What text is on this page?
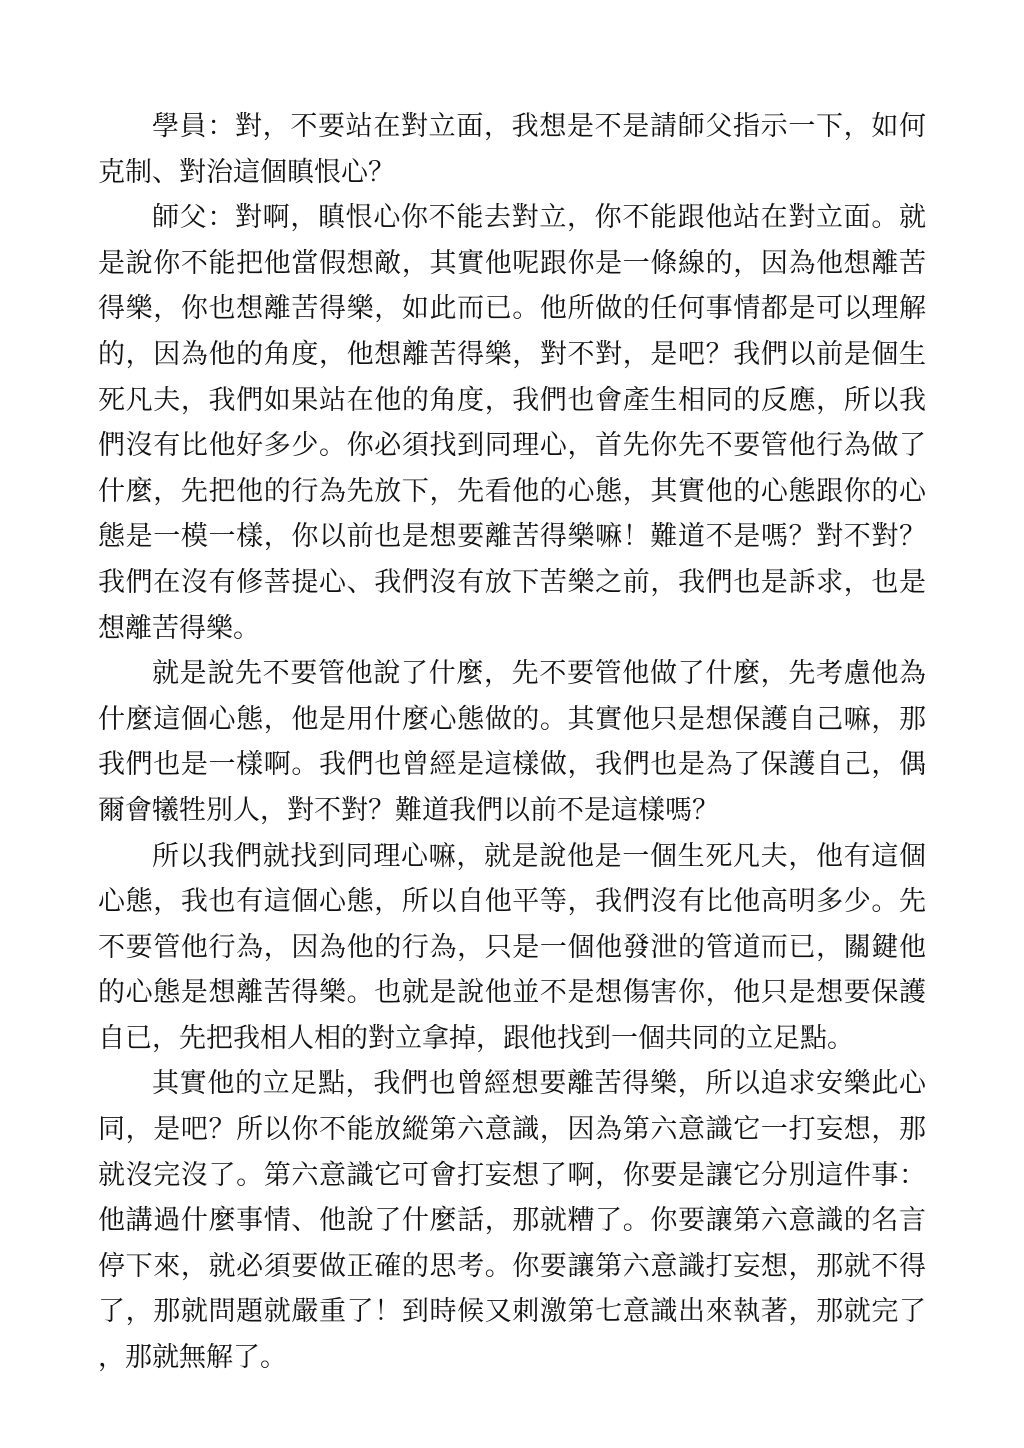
學員：對，不要站在對立面，我想是不是請師父指示一下，如何克制、對治這個瞋恨心？

師父：對啊，瞋恨心你不能去對立，你不能跟他站在對立面。就是說你不能把他當假想敵，其實他呢跟你是一條線的，因為他想離苦得樂，你也想離苦得樂，如此而已。他所做的任何事情都是可以理解的，因為他的角度，他想離苦得樂，對不對，是吧？我們以前是個生死凡夫，我們如果站在他的角度，我們也會產生相同的反應，所以我們沒有比他好多少。你必須找到同理心，首先你先不要管他行為做了什麼，先把他的行為先放下，先看他的心態，其實他的心態跟你的心態是一模一樣，你以前也是想要離苦得樂嘛！難道不是嗎？對不對？我們在沒有修菩提心、我們沒有放下苦樂之前，我們也是訴求，也是想離苦得樂。

就是說先不要管他說了什麼，先不要管他做了什麼，先考慮他為什麼這個心態，他是用什麼心態做的。其實他只是想保護自己嘛，那我們也是一樣啊。我們也曾經是這樣做，我們也是為了保護自己，偶爾會犧牲別人，對不對？難道我們以前不是這樣嗎？

所以我們就找到同理心嘛，就是說他是一個生死凡夫，他有這個心態，我也有這個心態，所以自他平等，我們沒有比他高明多少。先不要管他行為，因為他的行為，只是一個他發泄的管道而已，關鍵他的心態是想離苦得樂。也就是說他並不是想傷害你，他只是想要保護自已，先把我相人相的對立拿掉，跟他找到一個共同的立足點。

其實他的立足點，我們也曾經想要離苦得樂，所以追求安樂此心同，是吧？所以你不能放縱第六意識，因為第六意識它一打妄想，那就沒完沒了。第六意識它可會打妄想了啊，你要是讓它分別這件事：他講過什麼事情、他說了什麼話，那就糟了。你要讓第六意識的名言停下來，就必須要做正確的思考。你要讓第六意識打妄想，那就不得了，那就問題就嚴重了！到時候又刺激第七意識出來執著，那就完了，那就無解了。
